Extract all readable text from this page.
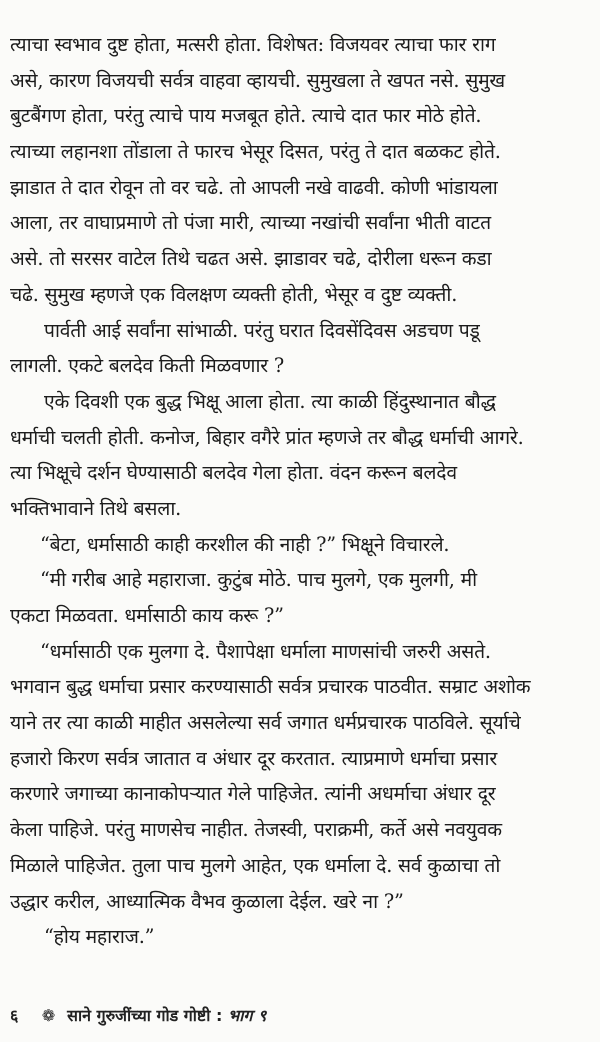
त्याचा स्वभाव दुष्ट होता, मत्सरी होता. विशेषत: विजयवर त्याचा फार राग
असे, कारण विजयची सर्वत्र वाहवा व्हायची. सुमुखला ते खपत नसे. सुमुख
बुटबैंगण होता, परंतु त्याचे पाय मजबूत होते. त्याचे दात फार मोठे होते.
त्याच्या लहानशा तोंडाला ते फारच भेसूर दिसत, परंतु ते दात बळकट होते.
झाडात ते दात रोवून तो वर चढे. तो आपली नखे वाढवी. कोणी भांडायला
आला, तर वाघाप्रमाणे तो पंजा मारी, त्याच्या नखांची सर्वांना भीती वाटत
असे. तो सरसर वाटेल तिथे चढत असे. झाडावर चढे, दोरीला धरून कडा
चढे. सुमुख म्हणजे एक विलक्षण व्यक्ती होती, भेसूर व दुष्ट व्यक्ती.
पार्वती आई सर्वांना सांभाळी. परंतु घरात दिवसेंदिवस अडचण पडू
लागली. एकटे बलदेव किती मिळवणार ?
एके दिवशी एक बुद्ध भिक्षू आला होता. त्या काळी हिंदुस्थानात बौद्ध
धर्माची चलती होती. कनोज, बिहार वगैरे प्रांत म्हणजे तर बौद्ध धर्माची आगरे.
त्या भिक्षूचे दर्शन घेण्यासाठी बलदेव गेला होता. वंदन करून बलदेव
भक्तिभावाने तिथे बसला.
“बेटा, धर्मासाठी काही करशील की नाही ?” भिक्षूने विचारले.
“मी गरीब आहे महाराजा. कुटुंब मोठे. पाच मुलगे, एक मुलगी, मी
एकटा मिळवता. धर्मासाठी काय करू ?”
“धर्मासाठी एक मुलगा दे. पैशापेक्षा धर्माला माणसांची जरुरी असते.
भगवान बुद्ध धर्माचा प्रसार करण्यासाठी सर्वत्र प्रचारक पाठवीत. सम्राट अशोक
याने तर त्या काळी माहीत असलेल्या सर्व जगात धर्मप्रचारक पाठविले. सूर्याचे
हजारो किरण सर्वत्र जातात व अंधार दूर करतात. त्याप्रमाणे धर्माचा प्रसार
करणारे जगाच्या कानाकोपऱ्यात गेले पाहिजेत. त्यांनी अधर्माचा अंधार दूर
केला पाहिजे. परंतु माणसेच नाहीत. तेजस्वी, पराक्रमी, कर्ते असे नवयुवक
मिळाले पाहिजेत. तुला पाच मुलगे आहेत, एक धर्माला दे. सर्व कुळाचा तो
उद्धार करील, आध्यात्मिक वैभव कुळाला देईल. खरे ना ?”
“होय महाराज.”
६ ❁ साने गुरुजींच्या गोड गोष्टी : भाग ९
